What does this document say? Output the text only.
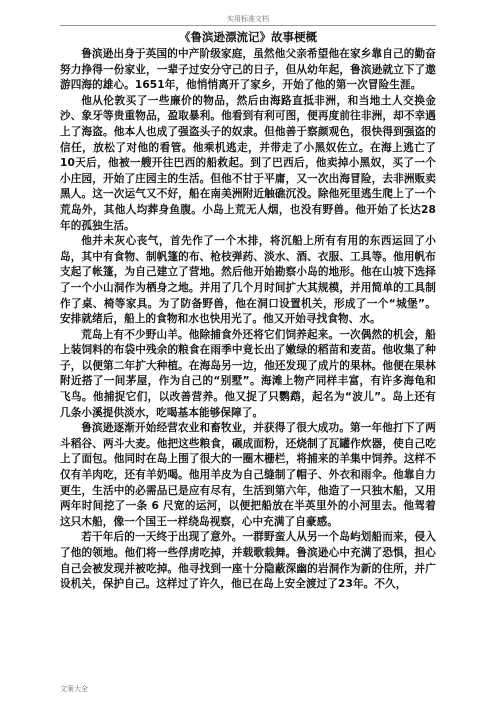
实用标准文档
《鲁滨逊漂流记》故事梗概

鲁滨逊出身于英国的中产阶级家庭，虽然他父亲希望他在家乡靠自己的勤奋努力挣得一份家业，一辈子过安分守己的日子，但从幼年起，鲁滨逊就立下了遨游四海的雄心。1651年，他悄悄离开了家乡，开始了他的第一次冒险生涯。

他从伦敦买了一些廉价的物品，然后由海路直抵非洲，和当地土人交换金沙、象牙等贵重物品，盈取暴利。他看到有利可图，便再度前往非洲，却不幸遇上了海盗。他本人也成了强盗头子的奴隶。但他善于察颜观色，很快得到强盗的信任，放松了对他的看管。他乘机逃走，并带走了小黑奴佐立。在海上逃亡了10天后，他被一艘开往巴西的船救起。到了巴西后，他卖掉小黑奴，买了一个小庄园，开始了庄园主的生活。但他不甘于平庸，又一次出海冒险，去非洲贩卖黑人。这一次运气又不好，船在南美洲附近触礁沉没。除他死里逃生爬上了一个荒岛外，其他人均葬身鱼腹。小岛上荒无人烟，也没有野兽。他开始了长达28年的孤独生活。

他并未灰心丧气，首先作了一个木排，将沉船上所有有用的东西运回了小岛，其中有食物、制帆篷的布、枪枝弹药、淡水、酒、衣服、工具等。他用帆布支起了帐篷，为自己建立了营地。然后他开始勘察小岛的地形。他在山坡下选择了一个小山洞作为栖身之地。并用了几个月时间扩大其规模，并用简单的工具制作了桌、椅等家具。为了防备野兽，他在洞口设置机关，形成了一个“城堡”。安排就绪后，船上的食物和水也快用光了。他又开始寻找食物、水。

荒岛上有不少野山羊。他除捕食外还将它们饲养起来。一次偶然的机会，船上装饲料的布袋中残余的粮食在雨季中竟长出了嫩绿的稻苗和麦苗。他收集了种子，以便第二年扩大种植。在海岛另一边，他还发现了成片的果林。他便在果林附近搭了一间茅屋，作为自己的“别墅”。海滩上物产同样丰富，有许多海龟和飞鸟。他捕捉它们，以改善营养。他又捉了只鹦鹉，起名为“波儿”。岛上还有几条小溪提供淡水，吃喝基本能够保障了。

鲁滨逊逐渐开始经营农业和畜牧业，并获得了很大成功。第一年他打下了两斗稻谷、两斗大麦。他把这些粮食，碾成面粉，还烧制了瓦罐作炊器，使自己吃上了面包。他同时在岛上围了很大的一圈木栅栏，将捕来的羊集中饲养。这样不仅有羊肉吃，还有羊奶喝。他用羊皮为自己缝制了帽子、外衣和雨伞。他靠自力更生，生活中的必需品已是应有尽有，生活到第六年，他造了一只独木船，又用两年时间挖了一条 6 尺宽的运河，以便把船放在半英里外的小河里去。他驾着这只木船，像一个国王一样绕岛视察，心中充满了自豪感。

若干年后的一天终于出现了意外。一群野蛮人从另一个岛屿划船而来，侵入了他的领地。他们将一些俘虏吃掉，并载歌载舞。鲁滨逊心中充满了恐惧，担心自己会被发现并被吃掉。他寻找到一座十分隐蔽深幽的岩洞作为新的住所，并广设机关，保护自己。这样过了许久，他已在岛上安全渡过了23年。不久，

文案大全
